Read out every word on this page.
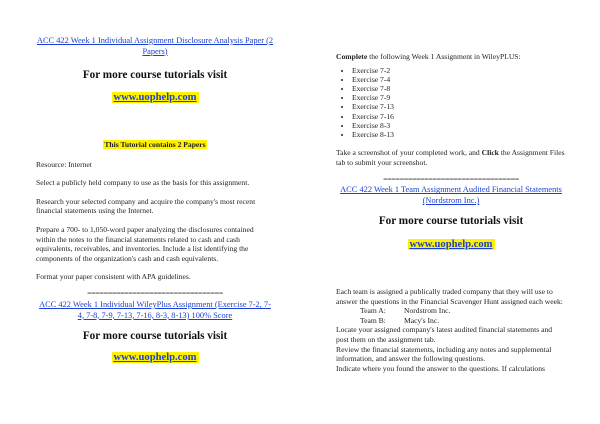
ACC 422 Week 1 Individual Assignment Disclosure Analysis Paper (2 Papers)

For more course tutorials visit

www.uophelp.com
This Tutorial contains 2 Papers

Resource: Internet

Select a publicly held company to use as the basis for this assignment.

Research your selected company and acquire the company's most recent financial statements using the Internet.

Prepare a 700- to 1,050-word paper analyzing the disclosures contained within the notes to the financial statements related to cash and cash equivalents, receivables, and inventories. Include a list identifying the components of the organization's cash and cash equivalents.

Format your paper consistent with APA guidelines.

=================================

ACC 422 Week 1 Individual WileyPlus Assignment (Exercise 7-2, 7-4, 7-8, 7-9, 7-13, 7-16, 8-3, 8-13) 100% Score

For more course tutorials visit

www.uophelp.com

Complete the following Week 1 Assignment in WileyPLUS:

• Exercise 7-2
• Exercise 7-4
• Exercise 7-8
• Exercise 7-9
• Exercise 7-13
• Exercise 7-16
• Exercise 8-3
• Exercise 8-13

Take a screenshot of your completed work, and Click the Assignment Files tab to submit your screenshot.

=================================

ACC 422 Week 1 Team Assignment Audited Financial Statements (Nordstrom Inc.)

For more course tutorials visit

www.uophelp.com

Each team is assigned a publically traded company that they will use to answer the questions in the Financial Scavenger Hunt assigned each week:

Team A:	Nordstrom Inc.
Team B:	Macy's Inc.

Locate your assigned company's latest audited financial statements and post them on the assignment tab.

Review the financial statements, including any notes and supplemental information, and answer the following questions.

Indicate where you found the answer to the questions. If calculations
